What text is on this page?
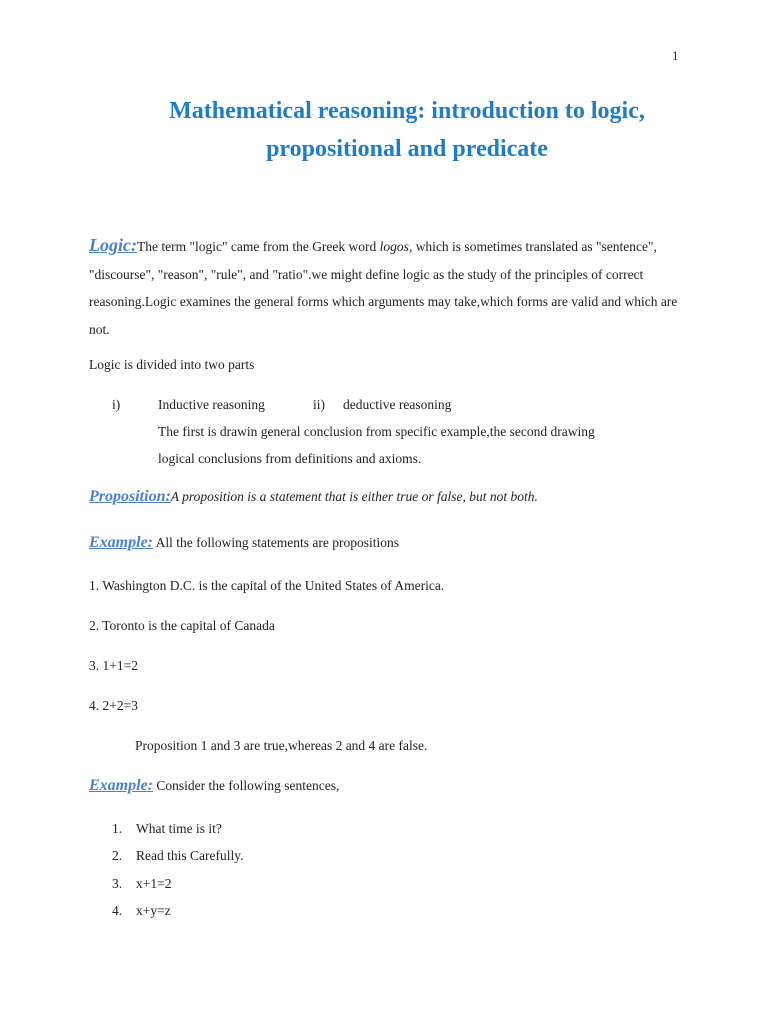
1
Mathematical reasoning: introduction to logic,
propositional and predicate
Logic:The term "logic" came from the Greek word logos, which is sometimes translated as "sentence", "discourse", "reason", "rule", and "ratio".we might define logic as the study of the principles of correct reasoning.Logic examines the general forms which arguments may take,which forms are valid and which are not.
Logic is divided into two parts
i)	Inductive reasoning	ii) deductive reasoning
The first is drawin general conclusion from specific example,the second drawing
logical conclusions from definitions and axioms.
Proposition:A proposition is a statement that is either true or false, but not both.
Example: All the following statements are propositions
1. Washington D.C. is the capital of the United States of America.
2. Toronto is the capital of Canada
3. 1+1=2
4. 2+2=3
Proposition 1 and 3 are true,whereas 2 and 4 are false.
Example: Consider the following sentences,
1. What time is it?
2. Read this Carefully.
3. x+1=2
4. x+y=z
